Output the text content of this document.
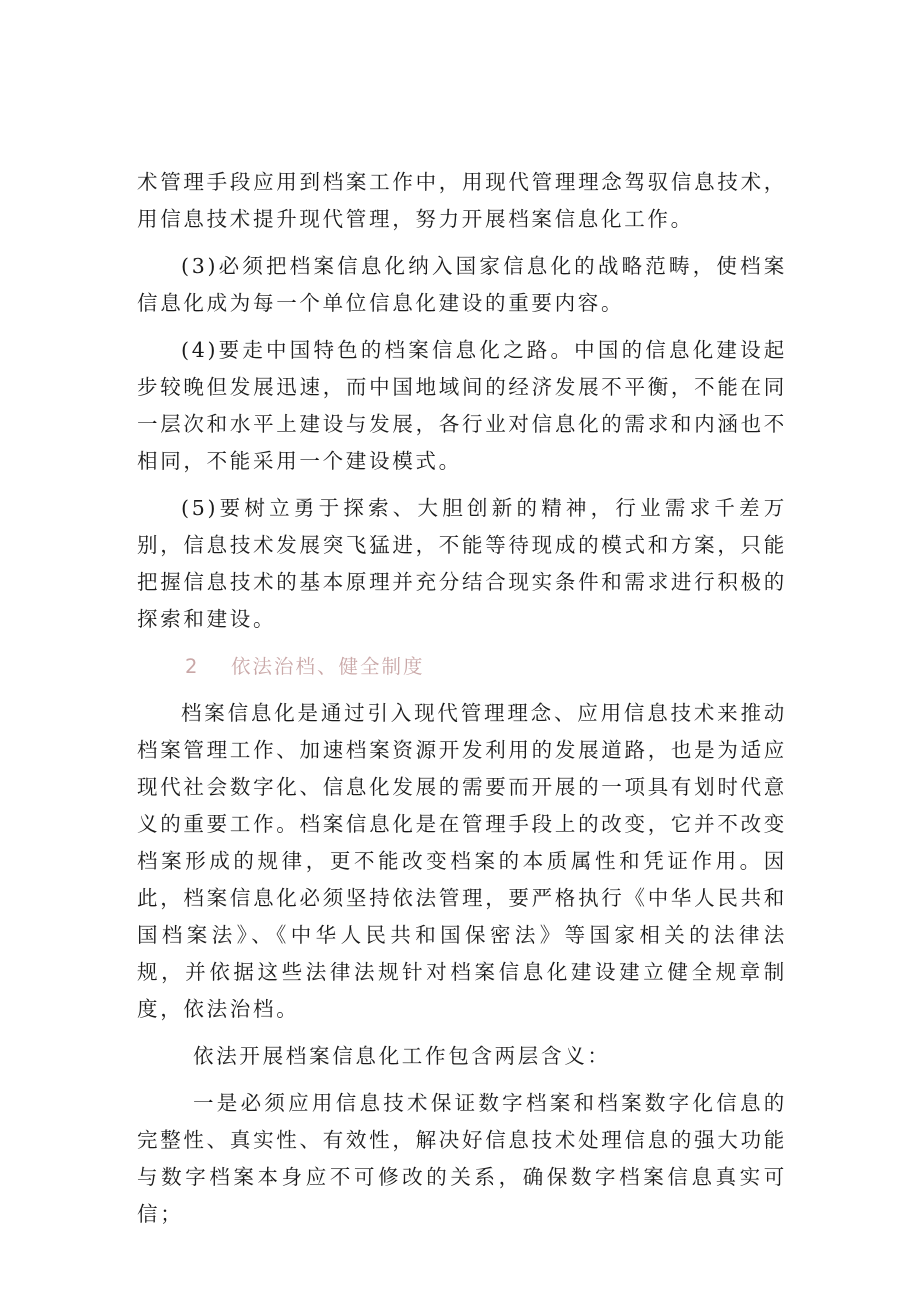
术管理手段应用到档案工作中，用现代管理理念驾驭信息技术，用信息技术提升现代管理，努力开展档案信息化工作。

(3)必须把档案信息化纳入国家信息化的战略范畴，使档案信息化成为每一个单位信息化建设的重要内容。

(4)要走中国特色的档案信息化之路。中国的信息化建设起步较晚但发展迅速，而中国地域间的经济发展不平衡，不能在同一层次和水平上建设与发展，各行业对信息化的需求和内涵也不相同，不能采用一个建设模式。

(5)要树立勇于探索、大胆创新的精神，行业需求千差万别，信息技术发展突飞猛进，不能等待现成的模式和方案，只能把握信息技术的基本原理并充分结合现实条件和需求进行积极的探索和建设。

2 依法治档、健全制度

档案信息化是通过引入现代管理理念、应用信息技术来推动档案管理工作、加速档案资源开发利用的发展道路，也是为适应现代社会数字化、信息化发展的需要而开展的一项具有划时代意义的重要工作。档案信息化是在管理手段上的改变，它并不改变档案形成的规律，更不能改变档案的本质属性和凭证作用。因此，档案信息化必须坚持依法管理，要严格执行《中华人民共和国档案法》、《中华人民共和国保密法》等国家相关的法律法规，并依据这些法律法规针对档案信息化建设建立健全规章制度，依法治档。

依法开展档案信息化工作包含两层含义：

一是必须应用信息技术保证数字档案和档案数字化信息的完整性、真实性、有效性，解决好信息技术处理信息的强大功能与数字档案本身应不可修改的关系，确保数字档案信息真实可信；
